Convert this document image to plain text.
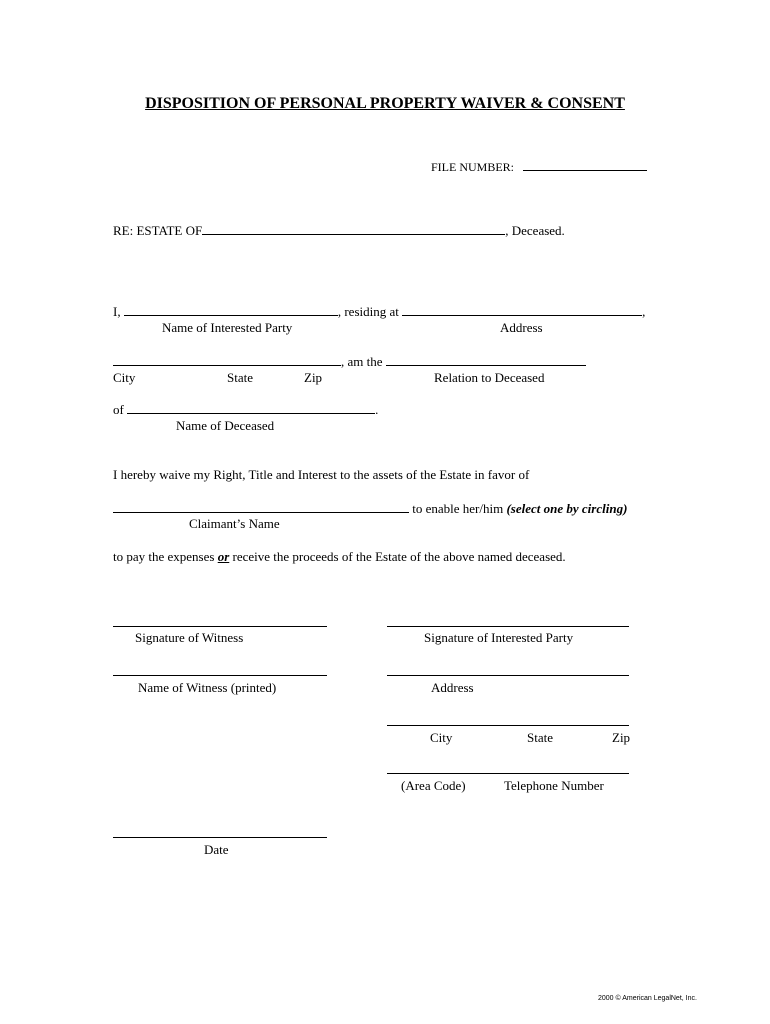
DISPOSITION OF PERSONAL PROPERTY WAIVER & CONSENT
FILE NUMBER:
RE: ESTATE OF	, Deceased.
I,	, residing at	,
Name of Interested Party	Address
, am the
City	State	Zip	Relation to Deceased
of	.
Name of Deceased
I hereby waive my Right, Title and Interest to the assets of the Estate in favor of
to enable her/him (select one by circling)
Claimant’s Name
to pay the expenses or receive the proceeds of the Estate of the above named deceased.
Signature of Witness	Signature of Interested Party
Name of Witness (printed)	Address
City	State	Zip
(Area Code)	Telephone Number
Date
2000 © American LegalNet, Inc.
